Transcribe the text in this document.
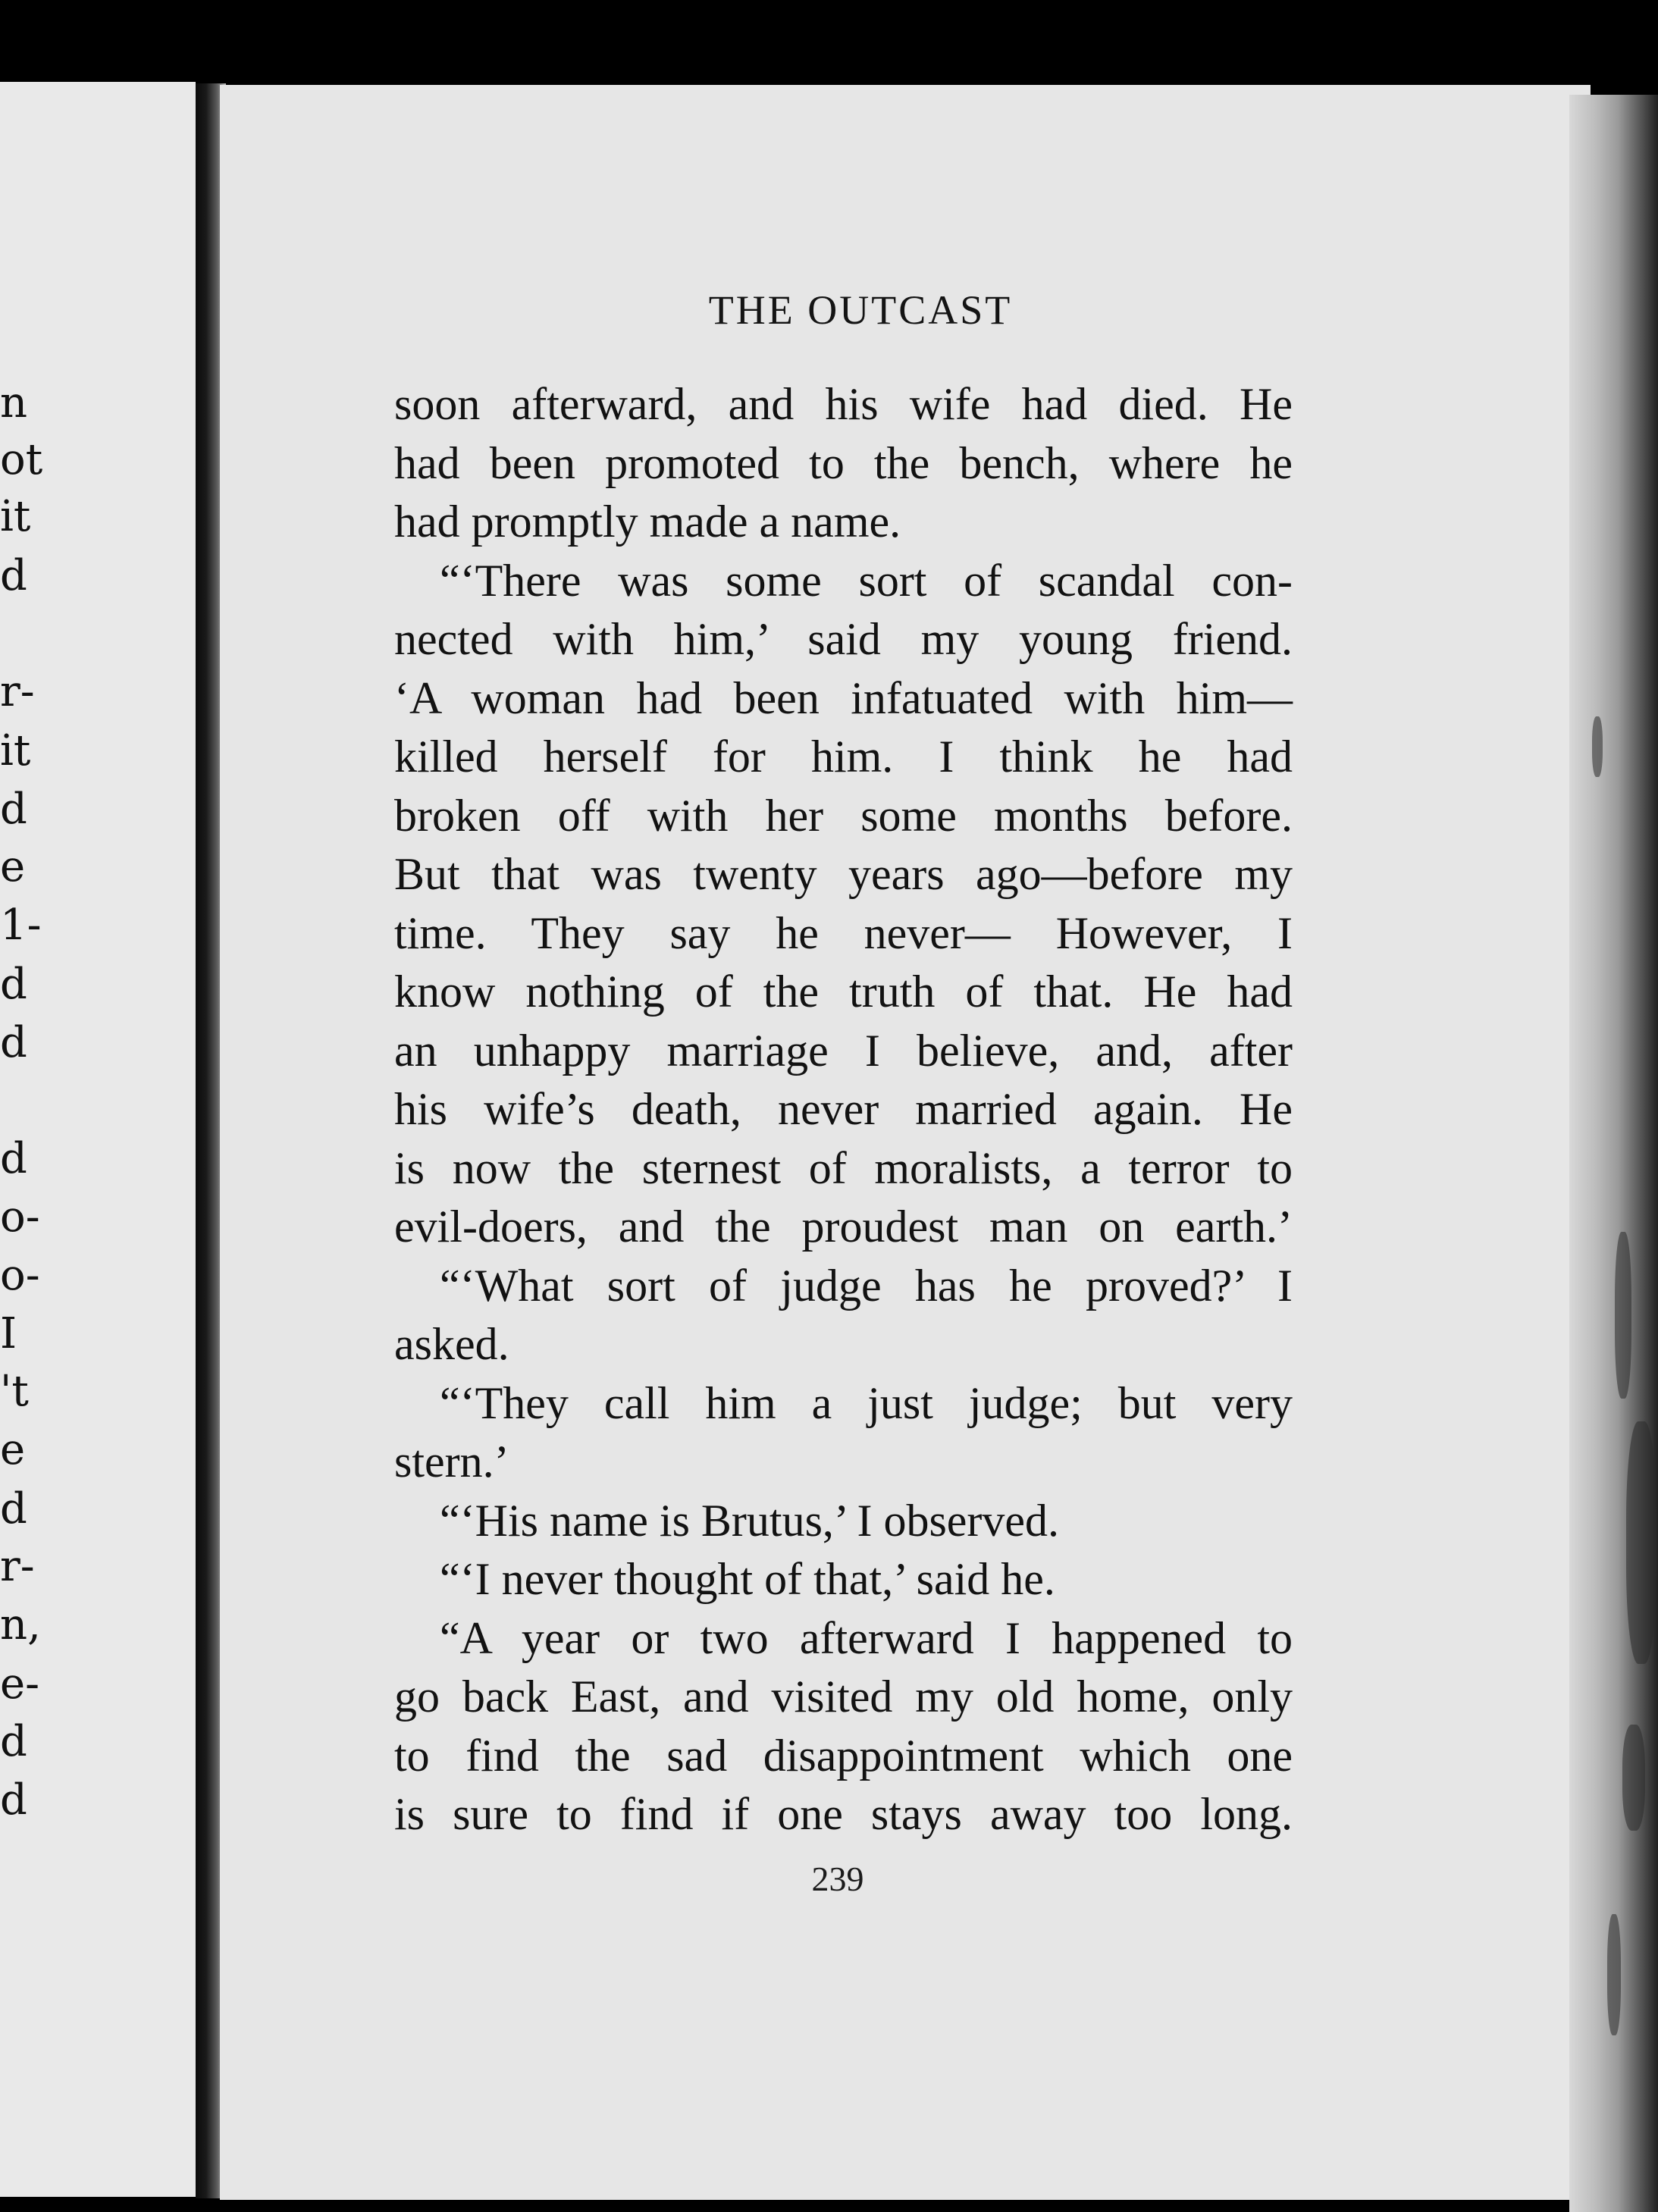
n
ot
it
d
r-
it
d
e
1-
d
d
d
o-
o-
I
't
e
d
r-
n,
e-
d
d
THE OUTCAST
soon afterward, and his wife had died. He
had been promoted to the bench, where he
had promptly made a name.
“‘There was some sort of scandal con-
nected with him,’ said my young friend.
‘A woman had been infatuated with him—
killed herself for him. I think he had
broken off with her some months before.
But that was twenty years ago—before my
time. They say he never— However, I
know nothing of the truth of that. He had
an unhappy marriage I believe, and, after
his wife’s death, never married again. He
is now the sternest of moralists, a terror to
evil-doers, and the proudest man on earth.’
“‘What sort of judge has he proved?’ I
asked.
“‘They call him a just judge; but very
stern.’
“‘His name is Brutus,’ I observed.
“‘I never thought of that,’ said he.
“A year or two afterward I happened to
go back East, and visited my old home, only
to find the sad disappointment which one
is sure to find if one stays away too long.
239
